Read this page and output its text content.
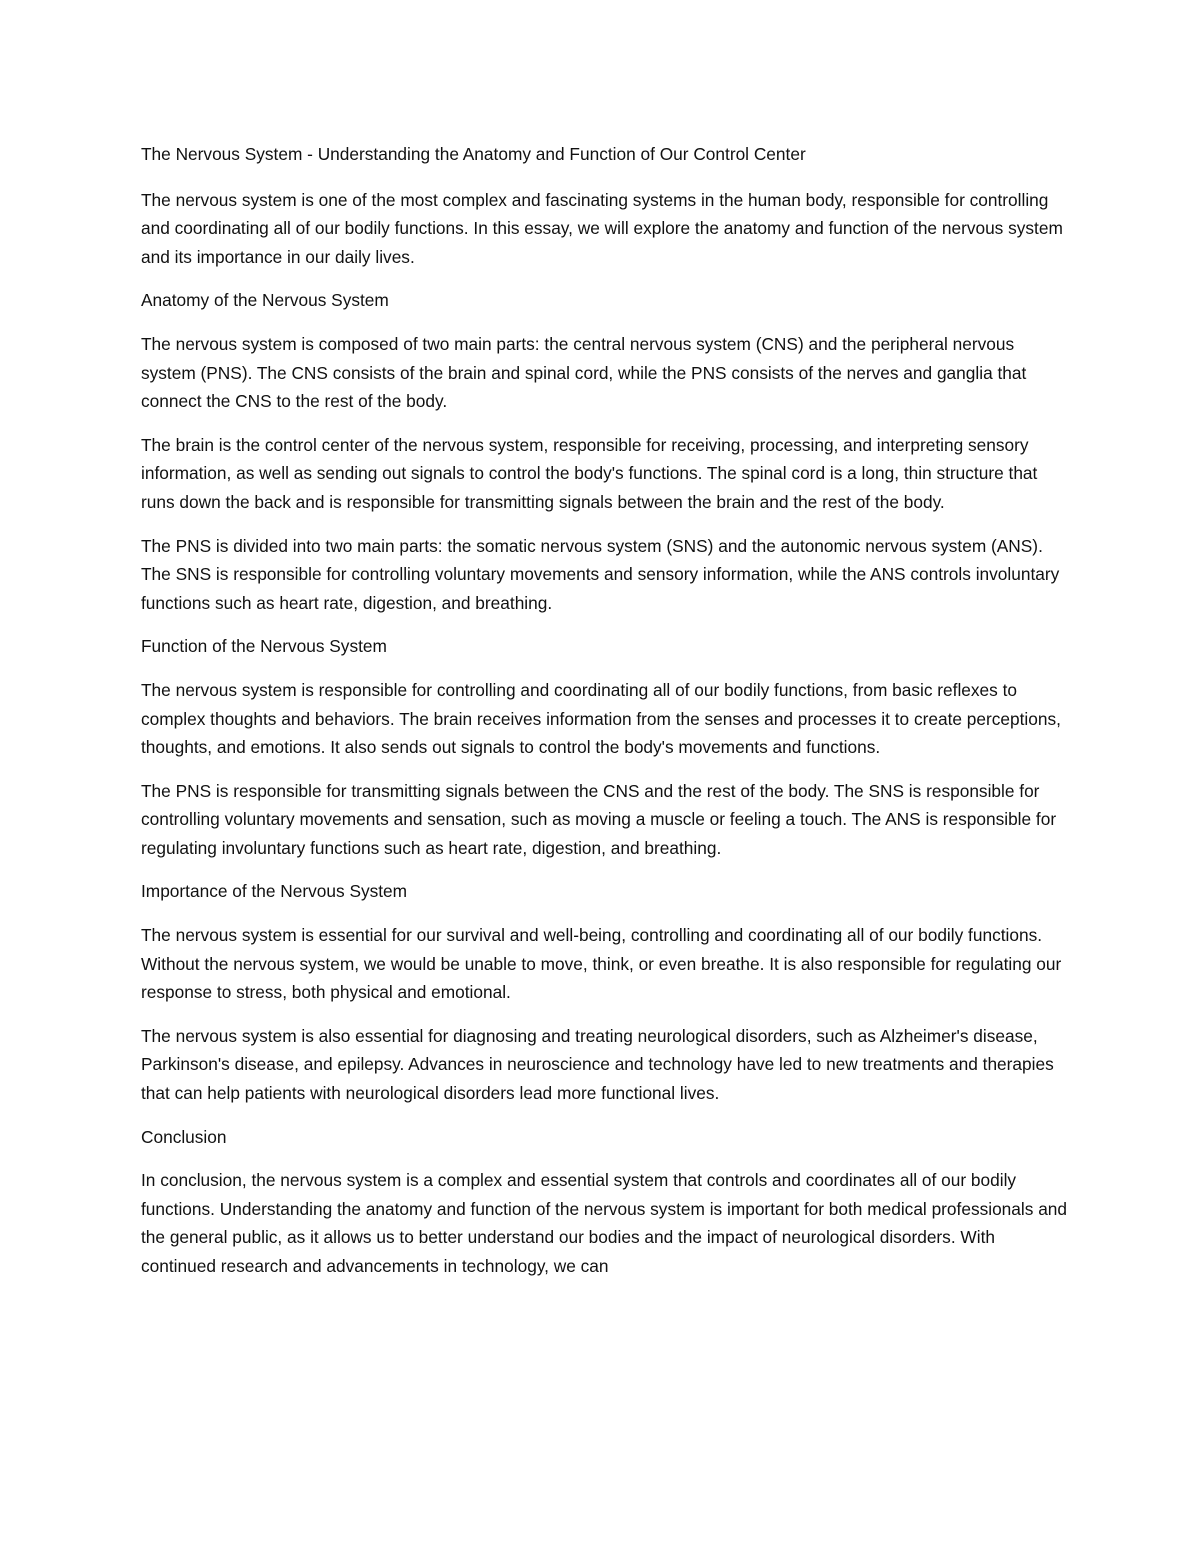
The Nervous System - Understanding the Anatomy and Function of Our Control Center

The nervous system is one of the most complex and fascinating systems in the human body, responsible for controlling and coordinating all of our bodily functions. In this essay, we will explore the anatomy and function of the nervous system and its importance in our daily lives.

Anatomy of the Nervous System

The nervous system is composed of two main parts: the central nervous system (CNS) and the peripheral nervous system (PNS). The CNS consists of the brain and spinal cord, while the PNS consists of the nerves and ganglia that connect the CNS to the rest of the body.

The brain is the control center of the nervous system, responsible for receiving, processing, and interpreting sensory information, as well as sending out signals to control the body's functions. The spinal cord is a long, thin structure that runs down the back and is responsible for transmitting signals between the brain and the rest of the body.

The PNS is divided into two main parts: the somatic nervous system (SNS) and the autonomic nervous system (ANS). The SNS is responsible for controlling voluntary movements and sensory information, while the ANS controls involuntary functions such as heart rate, digestion, and breathing.

Function of the Nervous System

The nervous system is responsible for controlling and coordinating all of our bodily functions, from basic reflexes to complex thoughts and behaviors. The brain receives information from the senses and processes it to create perceptions, thoughts, and emotions. It also sends out signals to control the body's movements and functions.

The PNS is responsible for transmitting signals between the CNS and the rest of the body. The SNS is responsible for controlling voluntary movements and sensation, such as moving a muscle or feeling a touch. The ANS is responsible for regulating involuntary functions such as heart rate, digestion, and breathing.

Importance of the Nervous System

The nervous system is essential for our survival and well-being, controlling and coordinating all of our bodily functions. Without the nervous system, we would be unable to move, think, or even breathe. It is also responsible for regulating our response to stress, both physical and emotional.

The nervous system is also essential for diagnosing and treating neurological disorders, such as Alzheimer's disease, Parkinson's disease, and epilepsy. Advances in neuroscience and technology have led to new treatments and therapies that can help patients with neurological disorders lead more functional lives.

Conclusion

In conclusion, the nervous system is a complex and essential system that controls and coordinates all of our bodily functions. Understanding the anatomy and function of the nervous system is important for both medical professionals and the general public, as it allows us to better understand our bodies and the impact of neurological disorders. With continued research and advancements in technology, we can
